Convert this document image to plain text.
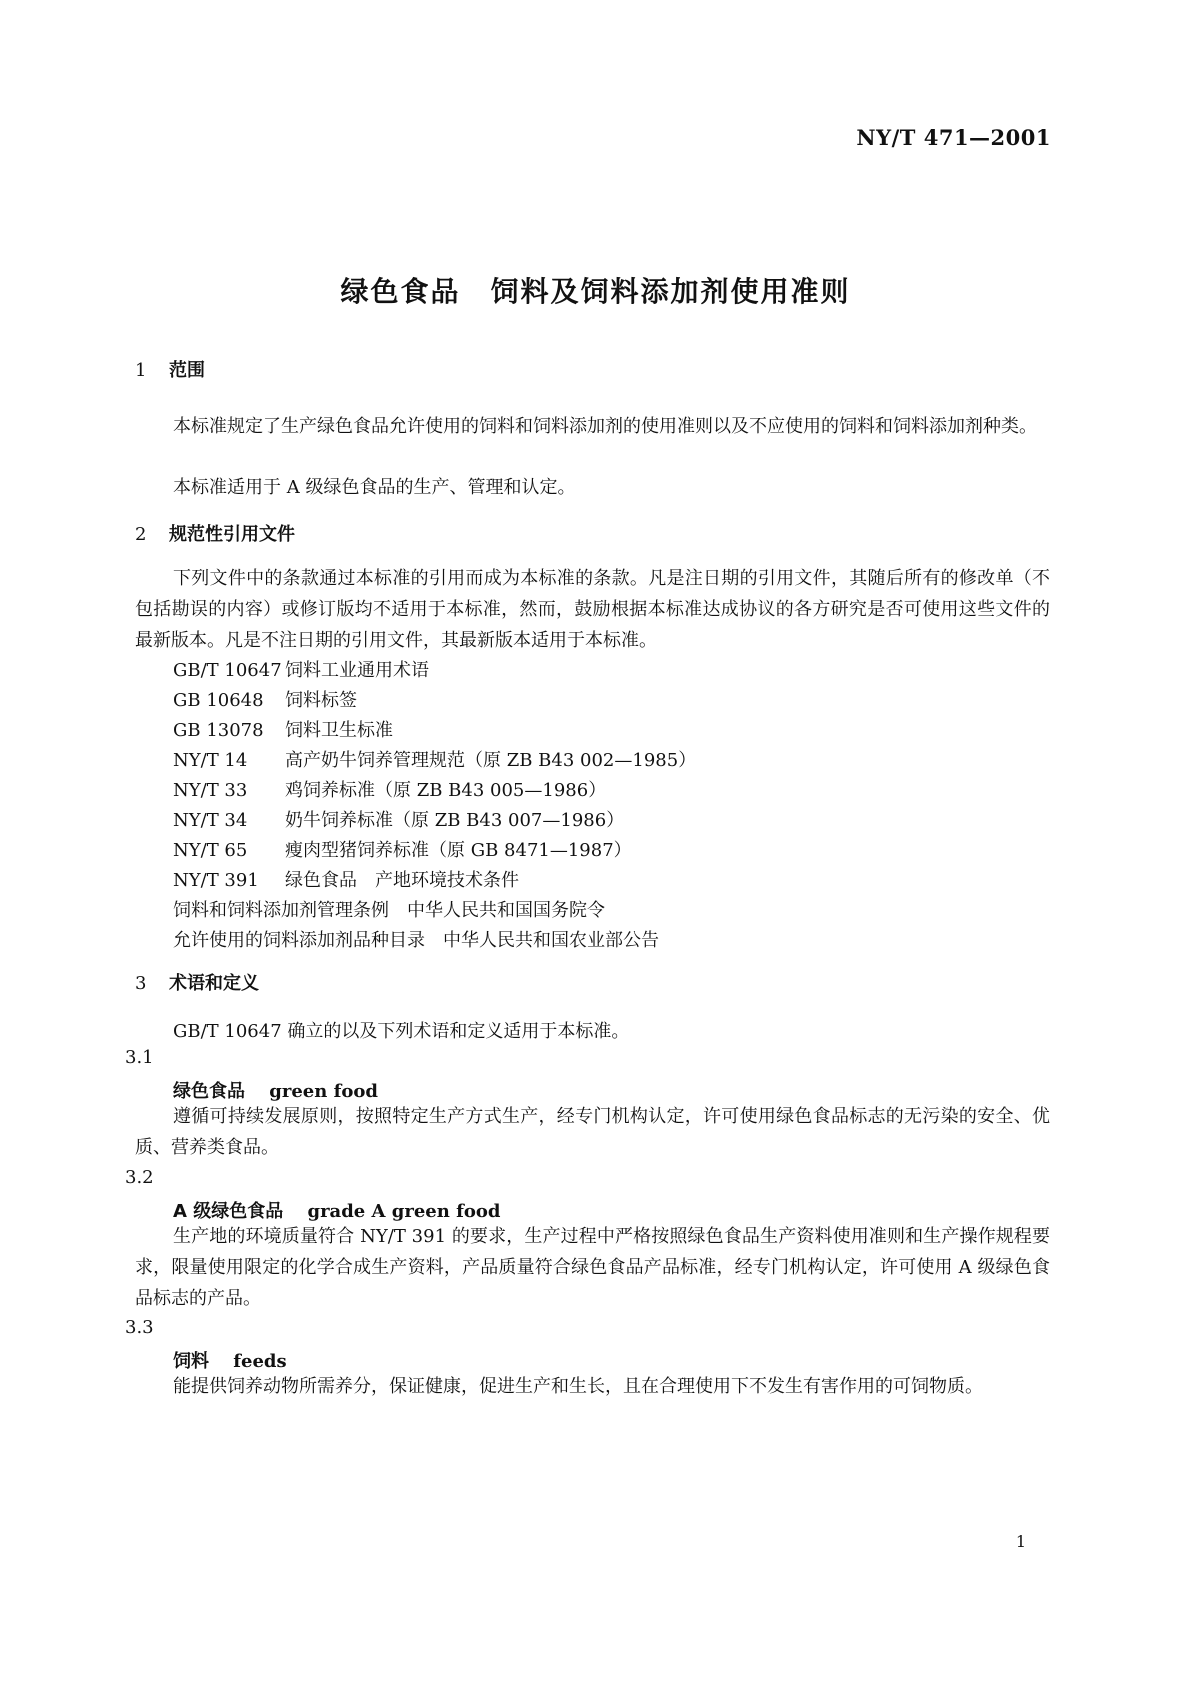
NY/T 471—2001
绿色食品　饲料及饲料添加剂使用准则
1 范围
本标准规定了生产绿色食品允许使用的饲料和饲料添加剂的使用准则以及不应使用的饲料和饲料添加剂种类。
本标准适用于 A 级绿色食品的生产、管理和认定。
2 规范性引用文件
下列文件中的条款通过本标准的引用而成为本标准的条款。凡是注日期的引用文件，其随后所有的修改单（不包括勘误的内容）或修订版均不适用于本标准，然而，鼓励根据本标准达成协议的各方研究是否可使用这些文件的最新版本。凡是不注日期的引用文件，其最新版本适用于本标准。
GB/T 10647 饲料工业通用术语
GB 10648 饲料标签
GB 13078 饲料卫生标准
NY/T 14 高产奶牛饲养管理规范（原 ZB B43 002—1985）
NY/T 33 鸡饲养标准（原 ZB B43 005—1986）
NY/T 34 奶牛饲养标准（原 ZB B43 007—1986）
NY/T 65 瘦肉型猪饲养标准（原 GB 8471—1987）
NY/T 391 绿色食品　产地环境技术条件
饲料和饲料添加剂管理条例　中华人民共和国国务院令
允许使用的饲料添加剂品种目录　中华人民共和国农业部公告
3 术语和定义
GB/T 10647 确立的以及下列术语和定义适用于本标准。
3.1
绿色食品　 green food
遵循可持续发展原则，按照特定生产方式生产，经专门机构认定，许可使用绿色食品标志的无污染的安全、优质、营养类食品。
3.2
A 级绿色食品　 grade A green food
生产地的环境质量符合 NY/T 391 的要求，生产过程中严格按照绿色食品生产资料使用准则和生产操作规程要求，限量使用限定的化学合成生产资料，产品质量符合绿色食品产品标准，经专门机构认定，许可使用 A 级绿色食品标志的产品。
3.3
饲料　 feeds
能提供饲养动物所需养分，保证健康，促进生产和生长，且在合理使用下不发生有害作用的可饲物质。
1
